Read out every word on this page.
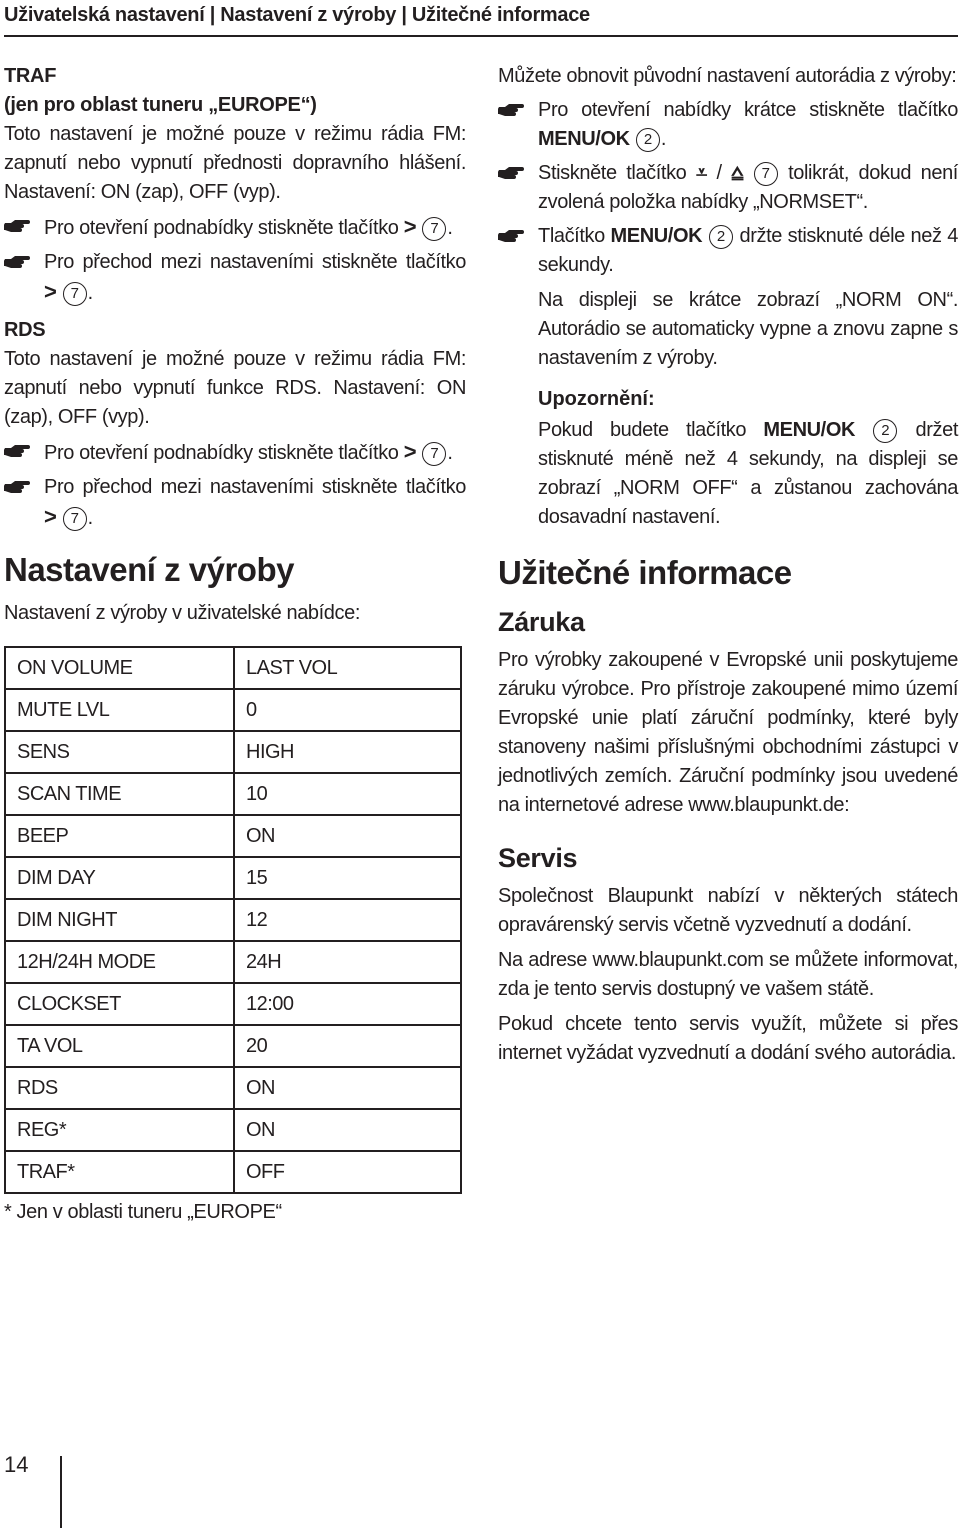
Uživatelská nastavení | Nastavení z výroby | Užitečné informace

TRAF

(jen pro oblast tuneru „EUROPE“)

Toto nastavení je možné pouze v režimu rádia FM: zapnutí nebo vypnutí přednosti dopravního hlášení. Nastavení: ON (zap), OFF (vyp).

Pro otevření podnabídky stiskněte tlačítko > 7 .
Pro přechod mezi nastaveními stiskněte tlačítko > 7 .

RDS

Toto nastavení je možné pouze v režimu rádia FM: zapnutí nebo vypnutí funkce RDS. Nastavení: ON (zap), OFF (vyp).

Pro otevření podnabídky stiskněte tlačítko > 7 .
Pro přechod mezi nastaveními stiskněte tlačítko > 7 .

Nastavení z výroby

Nastavení z výroby v uživatelské nabídce:

ON VOLUME	LAST VOL
MUTE LVL	0
SENS	HIGH
SCAN TIME	10
BEEP	ON
DIM DAY	15
DIM NIGHT	12
12H/24H MODE	24H
CLOCKSET	12:00
TA VOL	20
RDS	ON
REG*	ON
TRAF*	OFF
* Jen v oblasti tuneru „EUROPE“

Můžete obnovit původní nastavení autorádia z výroby:

Pro otevření nabídky krátce stiskněte tlačítko MENU/OK 2 .
Stiskněte tlačítko ⩡ / ⩠ 7 tolikrát, dokud není zvolená položka nabídky „NORMSET“.
Tlačítko MENU/OK 2 držte stisknuté déle než 4 sekundy.

Na displeji se krátce zobrazí „NORM ON“. Autorádio se automaticky vypne a znovu zapne s nastavením z výroby.

Upozornění:

Pokud budete tlačítko MENU/OK 2 držet stisknuté méně než 4 sekundy, na displeji se zobrazí „NORM OFF“ a zůstanou zachována dosavadní nastavení.

Užitečné informace

Záruka

Pro výrobky zakoupené v Evropské unii poskytujeme záruku výrobce. Pro přístroje zakoupené mimo území Evropské unie platí záruční podmínky, které byly stanoveny našimi příslušnými obchodními zástupci v jednotlivých zemích. Záruční podmínky jsou uvedené na internetové adrese www.blaupunkt.de:

Servis

Společnost Blaupunkt nabízí v některých státech opravárenský servis včetně vyzvednutí a dodání.

Na adrese www.blaupunkt.com se můžete informovat, zda je tento servis dostupný ve vašem státě.

Pokud chcete tento servis využít, můžete si přes internet vyžádat vyzvednutí a dodání svého autorádia.

14
